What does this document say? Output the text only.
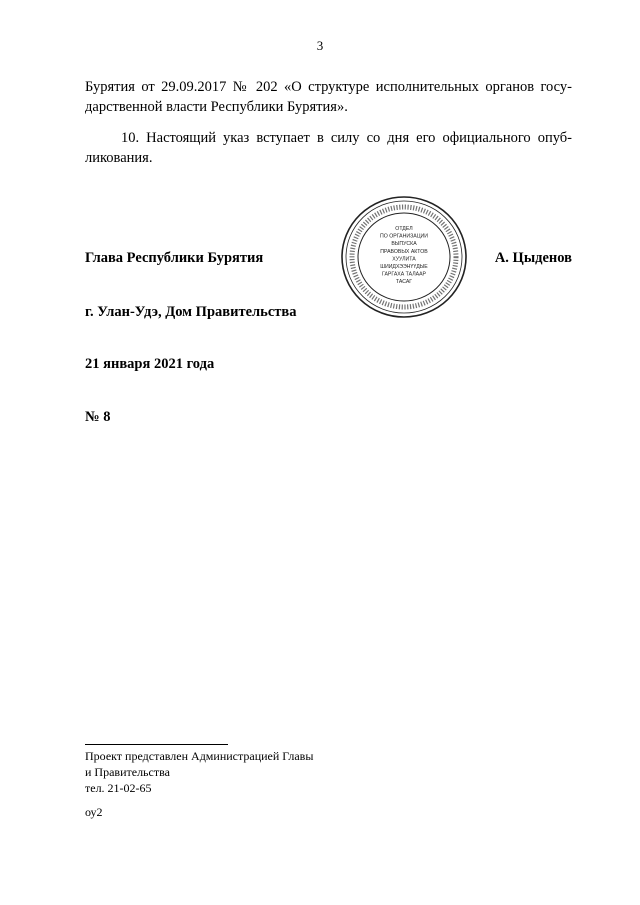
3
Бурятия от 29.09.2017 № 202 «О структуре исполнительных органов госу-
дарственной власти Республики Бурятия».
10. Настоящий указ вступает в силу со дня его официального опуб-
ликования.
Глава Республики Бурятия
ОТДЕЛ
ПО ОРГАНИЗАЦИИ
ВЫПУСКА
ПРАВОВЫХ АКТОВ
ХУУЛИТА
ШИИДХЭЭНҮҮДЫЕ
ГАРГАХА ТАЛААР
ТАСАГ
А. Цыденов
г. Улан-Удэ, Дом Правительства
21 января 2021 года
№ 8
Проект представлен Администрацией Главы
и Правительства
тел. 21-02-65
оу2
